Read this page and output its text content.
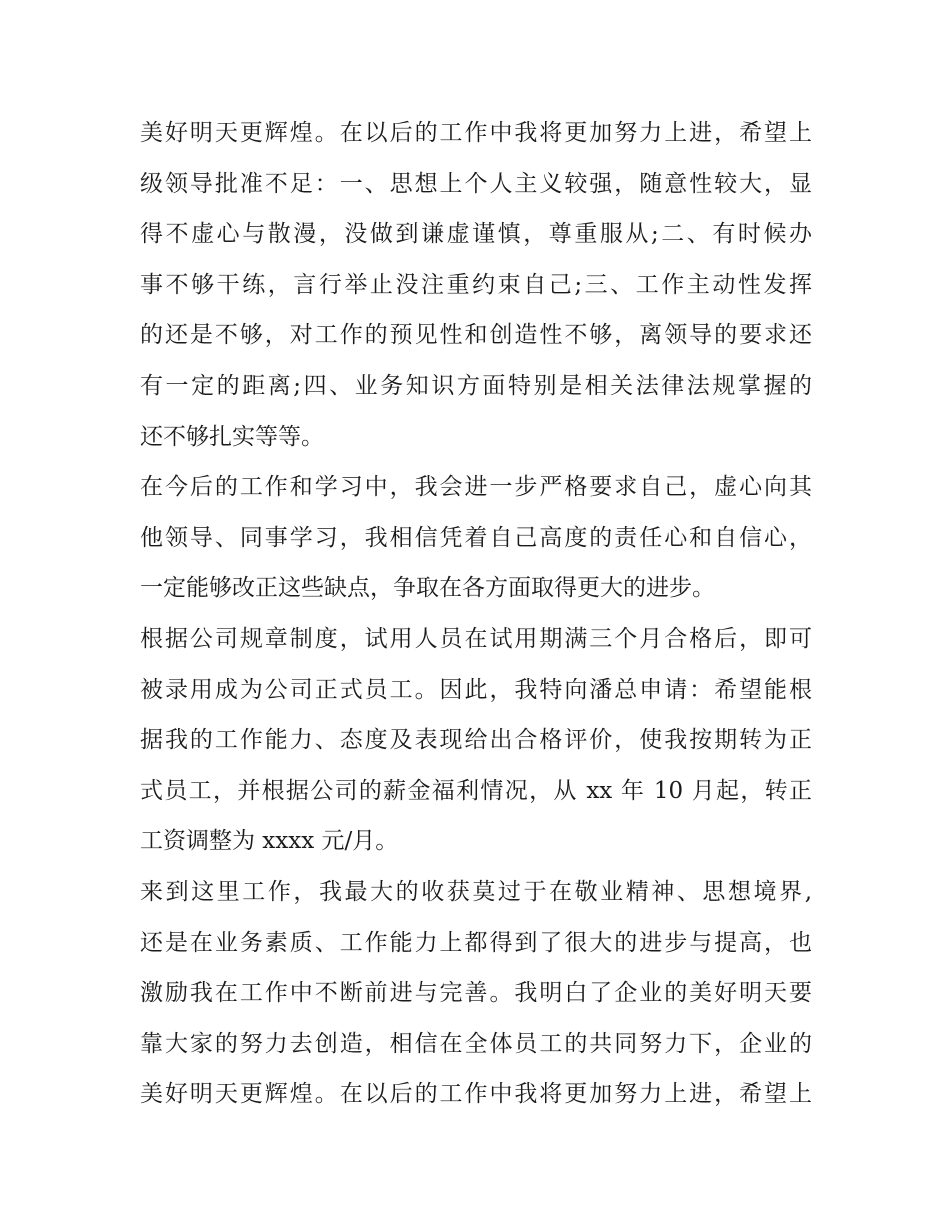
美好明天更辉煌。在以后的工作中我将更加努力上进，希望上
级领导批准不足：一、思想上个人主义较强，随意性较大，显
得不虚心与散漫，没做到谦虚谨慎，尊重服从;二、有时候办
事不够干练，言行举止没注重约束自己;三、工作主动性发挥
的还是不够，对工作的预见性和创造性不够，离领导的要求还
有一定的距离;四、业务知识方面特别是相关法律法规掌握的
还不够扎实等等。
在今后的工作和学习中，我会进一步严格要求自己，虚心向其
他领导、同事学习，我相信凭着自己高度的责任心和自信心，
一定能够改正这些缺点，争取在各方面取得更大的进步。
根据公司规章制度，试用人员在试用期满三个月合格后，即可
被录用成为公司正式员工。因此，我特向潘总申请：希望能根
据我的工作能力、态度及表现给出合格评价，使我按期转为正
式员工，并根据公司的薪金福利情况，从 xx 年 10 月起，转正
工资调整为 xxxx 元/月。
来到这里工作，我最大的收获莫过于在敬业精神、思想境界,
还是在业务素质、工作能力上都得到了很大的进步与提高，也
激励我在工作中不断前进与完善。我明白了企业的美好明天要
靠大家的努力去创造，相信在全体员工的共同努力下，企业的
美好明天更辉煌。在以后的工作中我将更加努力上进，希望上
